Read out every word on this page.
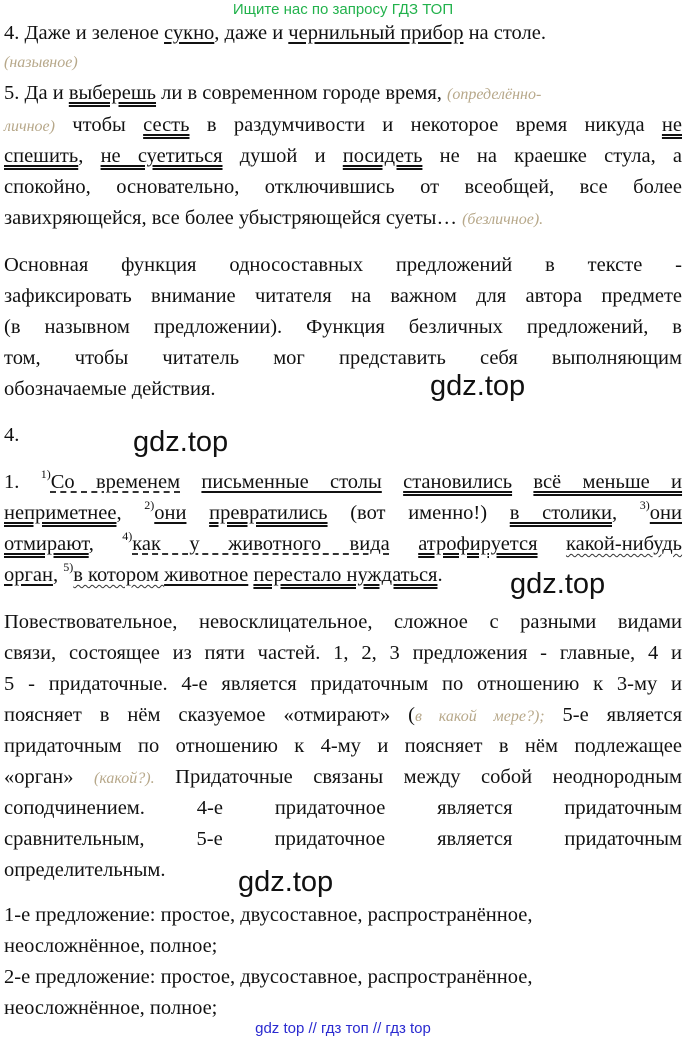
Ищите нас по запросу ГДЗ ТОП
4. Даже и зеленое сукно, даже и чернильный прибор на столе.
(назывное)
5. Да и выберешь ли в современном городе время, (определённо-
личное) чтобы сесть в раздумчивости и некоторое время никуда не
спешить, не суетиться душой и посидеть не на краешке стула, а
спокойно, основательно, отключившись от всеобщей, все более
завихряющейся, все более убыстряющейся суеты… (безличное).
Основная функция односоставных предложений в тексте -
зафиксировать внимание читателя на важном для автора предмете
(в назывном предложении). Функция безличных предложений, в
том, чтобы читатель мог представить себя выполняющим
обозначаемые действия.	gdz.top
4.	gdz.top
1. $^{1)}$Со временем письменные столы становились всё меньше и
неприметнее, $^{2)}$они превратились (вот именно!) в столики, $^{3)}$они
отмирают, $^{4)}$как у животного вида атрофируется какой-нибудь
орган, $^{5)}$в котором животное перестало нуждаться.	gdz.top
Повествовательное, невосклицательное, сложное с разными видами
связи, состоящее из пяти частей. 1, 2, 3 предложения - главные, 4 и
5 - придаточные. 4-е является придаточным по отношению к 3-му и
поясняет в нём сказуемое «отмирают» (в какой мере?); 5-е является
придаточным по отношению к 4-му и поясняет в нём подлежащее
«орган» (какой?). Придаточные связаны между собой неоднородным
соподчинением. 4-е придаточное является придаточным
сравнительным, 5-е придаточное является придаточным
определительным.	gdz.top
1-е предложение: простое, двусоставное, распространённое,
неосложнённое, полное;
2-е предложение: простое, двусоставное, распространённое,
неосложнённое, полное;
gdz top // гдз топ // гдз top
